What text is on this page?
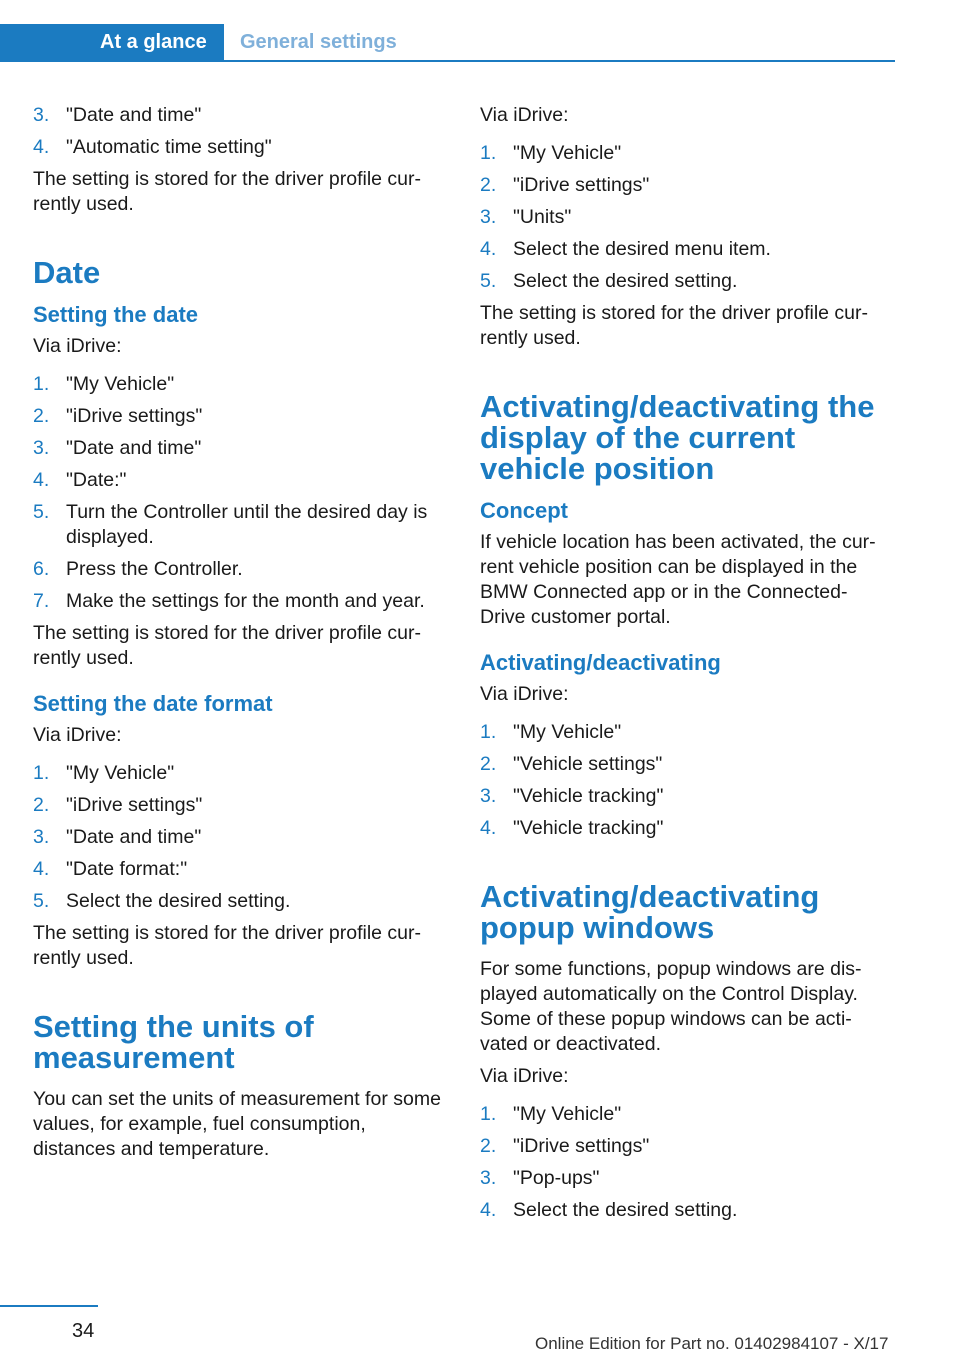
At a glance	General settings
3. "Date and time"
4. "Automatic time setting"

The setting is stored for the driver profile cur-rently used.

Date
Setting the date

Via iDrive:

1. "My Vehicle"
2. "iDrive settings"
3. "Date and time"
4. "Date:"
5. Turn the Controller until the desired day is displayed.
6. Press the Controller.
7. Make the settings for the month and year.

The setting is stored for the driver profile cur-rently used.

Setting the date format

Via iDrive:

1. "My Vehicle"
2. "iDrive settings"
3. "Date and time"
4. "Date format:"
5. Select the desired setting.

The setting is stored for the driver profile cur-rently used.

Setting the units of measurement

You can set the units of measurement for some values, for example, fuel consumption, distances and temperature.

Via iDrive:

1. "My Vehicle"
2. "iDrive settings"
3. "Units"
4. Select the desired menu item.
5. Select the desired setting.

The setting is stored for the driver profile cur-rently used.

Activating/deactivating the display of the current vehicle position
Concept

If vehicle location has been activated, the cur-rent vehicle position can be displayed in the BMW Connected app or in the Connected-Drive customer portal.

Activating/deactivating

Via iDrive:

1. "My Vehicle"
2. "Vehicle settings"
3. "Vehicle tracking"
4. "Vehicle tracking"
Activating/deactivating popup windows

For some functions, popup windows are dis-played automatically on the Control Display. Some of these popup windows can be acti-vated or deactivated.

Via iDrive:

1. "My Vehicle"
2. "iDrive settings"
3. "Pop-ups"
4. Select the desired setting.
34
Online Edition for Part no. 01402984107 - X/17
